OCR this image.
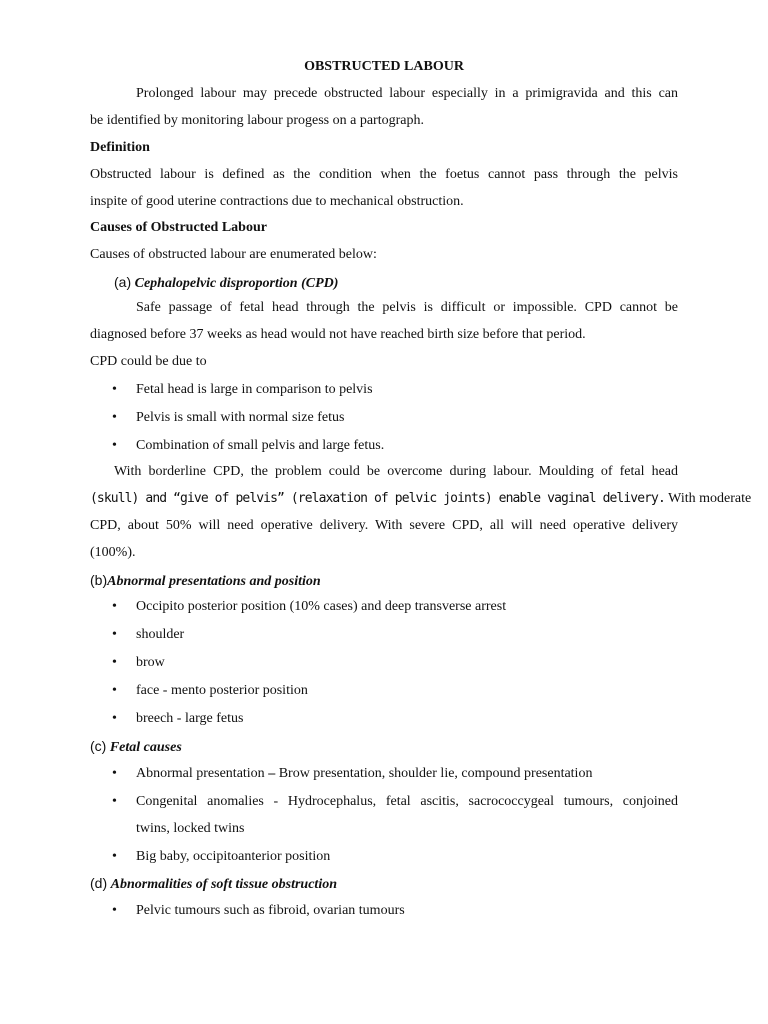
OBSTRUCTED LABOUR
Prolonged labour may precede obstructed labour especially in a primigravida and this can
be identified by monitoring labour progess on a partograph.
Definition
Obstructed labour is defined as the condition when the foetus cannot pass through the pelvis
inspite of good uterine contractions due to mechanical obstruction.
Causes of Obstructed Labour
Causes of obstructed labour are enumerated below:
(a) Cephalopelvic disproportion (CPD)
Safe passage of fetal head through the pelvis is difficult or impossible. CPD cannot be
diagnosed before 37 weeks as head would not have reached birth size before that period.
CPD could be due to
• Fetal head is large in comparison to pelvis
• Pelvis is small with normal size fetus
• Combination of small pelvis and large fetus.
With borderline CPD, the problem could be overcome during labour. Moulding of fetal head
(skull) and “give of pelvis” (relaxation of pelvic joints) enable vaginal delivery. With moderate
CPD, about 50% will need operative delivery. With severe CPD, all will need operative delivery
(100%).
(b)Abnormal presentations and position
• Occipito posterior position (10% cases) and deep transverse arrest
• shoulder
• brow
• face - mento posterior position
• breech - large fetus
(c) Fetal causes
• Abnormal presentation – Brow presentation, shoulder lie, compound presentation
• Congenital anomalies - Hydrocephalus, fetal ascitis, sacrococcygeal tumours, conjoined
twins, locked twins
• Big baby, occipitoanterior position
(d) Abnormalities of soft tissue obstruction
• Pelvic tumours such as fibroid, ovarian tumours
